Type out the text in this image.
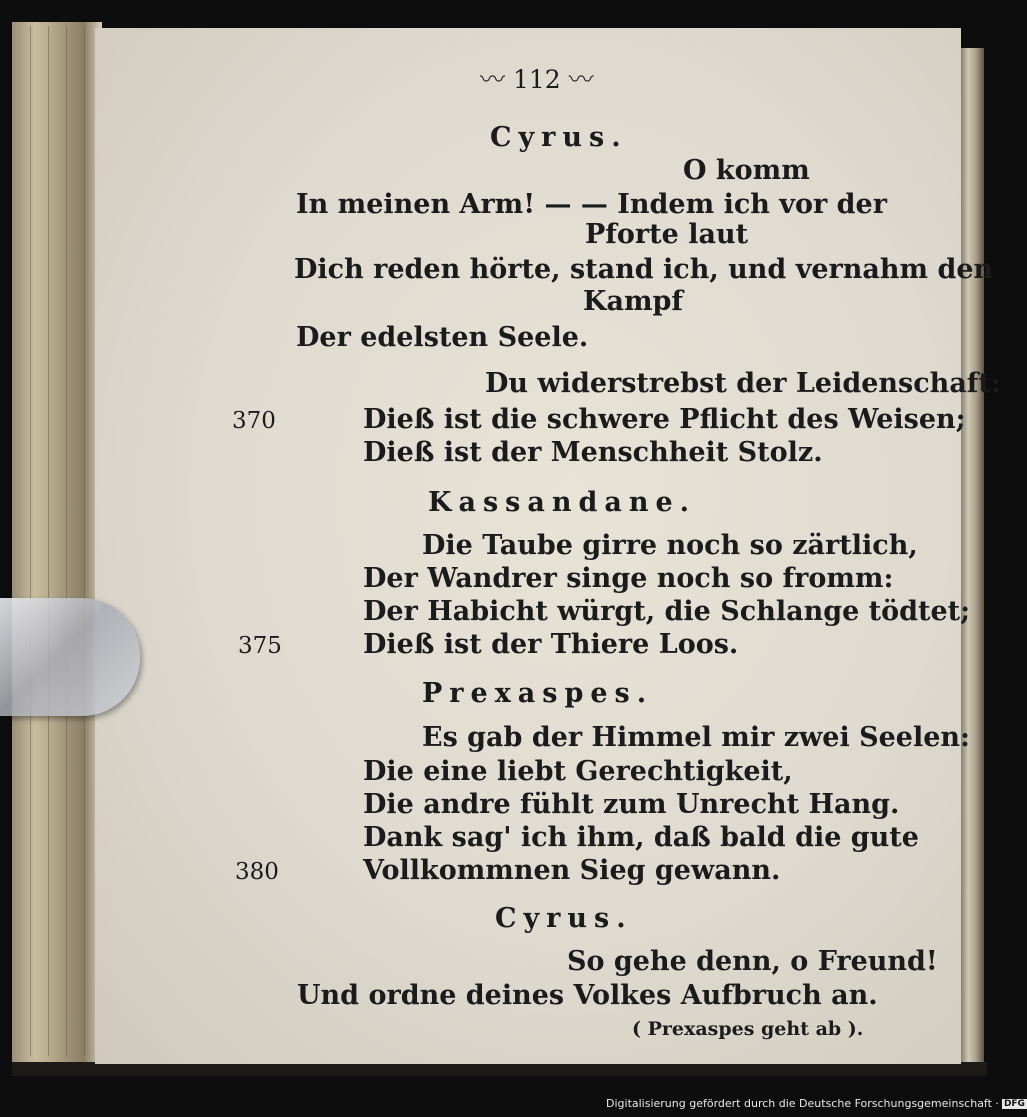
〰 112 〰

Cyrus.

O komm

In meinen Arm! — — Indem ich vor der

Pforte laut

Dich reden hörte, stand ich, und vernahm den

Kampf

Der edelsten Seele.

Du widerstrebst der Leidenschaft:

Dieß ist die schwere Pflicht des Weisen;

Dieß ist der Menschheit Stolz.

Kassandane.

Die Taube girre noch so zärtlich,

Der Wandrer singe noch so fromm:

Der Habicht würgt, die Schlange tödtet;

Dieß ist der Thiere Loos.

Prexaspes.

Es gab der Himmel mir zwei Seelen:

Die eine liebt Gerechtigkeit,

Die andre fühlt zum Unrecht Hang.

Dank sag' ich ihm, daß bald die gute

Vollkommnen Sieg gewann.

Cyrus.

So gehe denn, o Freund!

Und ordne deines Volkes Aufbruch an.

( Prexaspes geht ab ).

370

375

380

Digitalisierung gefördert durch die Deutsche Forschungsgemeinschaft · DFG
